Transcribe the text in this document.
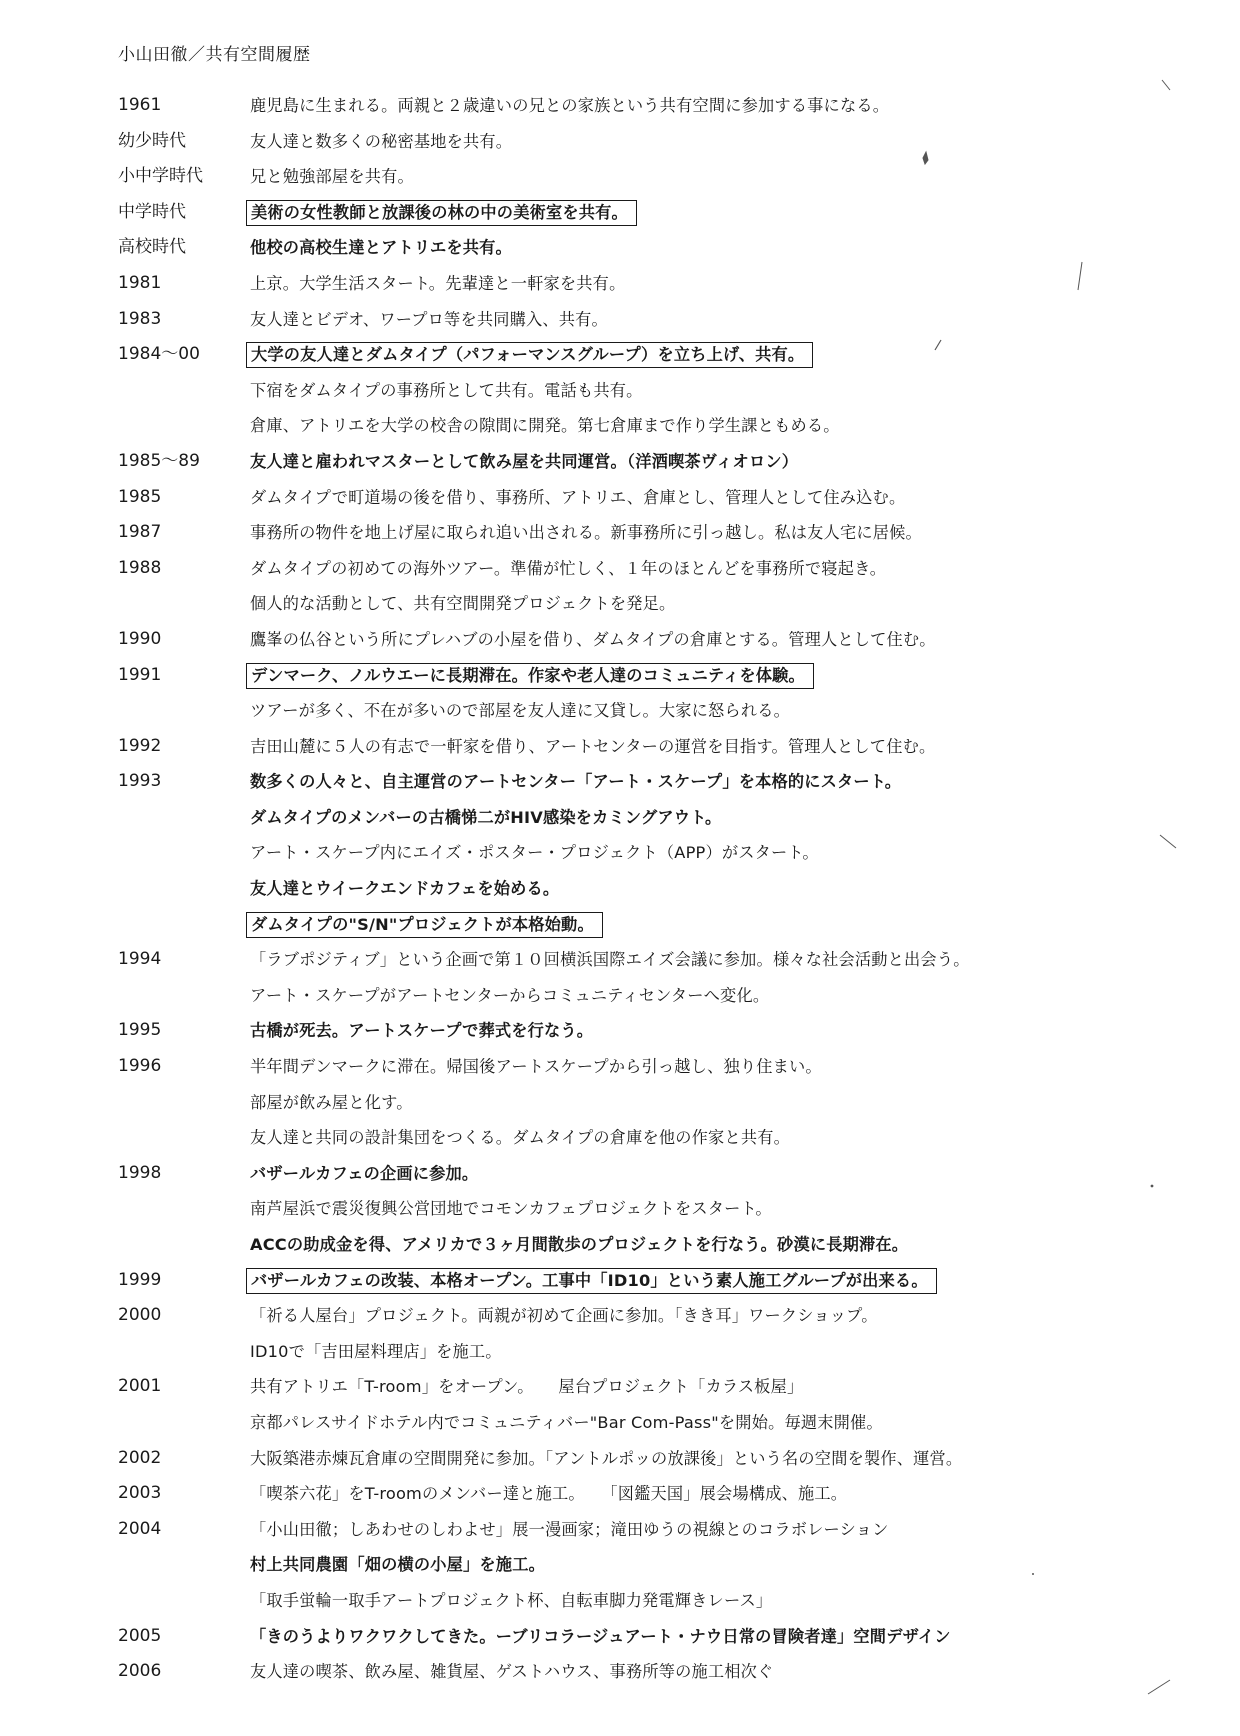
小山田徹／共有空間履歴
1961	鹿児島に生まれる。両親と２歳違いの兄との家族という共有空間に参加する事になる。
幼少時代	友人達と数多くの秘密基地を共有。
小中学時代	兄と勉強部屋を共有。
中学時代	美術の女性教師と放課後の林の中の美術室を共有。
高校時代	他校の高校生達とアトリエを共有。
1981	上京。大学生活スタート。先輩達と一軒家を共有。
1983	友人達とビデオ、ワープロ等を共同購入、共有。
1984〜00	大学の友人達とダムタイプ（パフォーマンスグループ）を立ち上げ、共有。
下宿をダムタイプの事務所として共有。電話も共有。
倉庫、アトリエを大学の校舎の隙間に開発。第七倉庫まで作り学生課ともめる。
1985〜89	友人達と雇われマスターとして飲み屋を共同運営。（洋酒喫茶ヴィオロン）
1985	ダムタイプで町道場の後を借り、事務所、アトリエ、倉庫とし、管理人として住み込む。
1987	事務所の物件を地上げ屋に取られ追い出される。新事務所に引っ越し。私は友人宅に居候。
1988	ダムタイプの初めての海外ツアー。準備が忙しく、１年のほとんどを事務所で寝起き。
個人的な活動として、共有空間開発プロジェクトを発足。
1990	鷹峯の仏谷という所にプレハブの小屋を借り、ダムタイプの倉庫とする。管理人として住む。
1991	デンマーク、ノルウエーに長期滞在。作家や老人達のコミュニティを体験。
ツアーが多く、不在が多いので部屋を友人達に又貸し。大家に怒られる。
1992	吉田山麓に５人の有志で一軒家を借り、アートセンターの運営を目指す。管理人として住む。
1993	数多くの人々と、自主運営のアートセンター「アート・スケープ」を本格的にスタート。
ダムタイプのメンバーの古橋悌二がHIV感染をカミングアウト。
アート・スケープ内にエイズ・ポスター・プロジェクト（APP）がスタート。
友人達とウイークエンドカフェを始める。
ダムタイプの"S/N"プロジェクトが本格始動。
1994	「ラブポジティブ」という企画で第１０回横浜国際エイズ会議に参加。様々な社会活動と出会う。
アート・スケープがアートセンターからコミュニティセンターへ変化。
1995	古橋が死去。アートスケープで葬式を行なう。
1996	半年間デンマークに滞在。帰国後アートスケープから引っ越し、独り住まい。
部屋が飲み屋と化す。
友人達と共同の設計集団をつくる。ダムタイプの倉庫を他の作家と共有。
1998	バザールカフェの企画に参加。
南芦屋浜で震災復興公営団地でコモンカフェプロジェクトをスタート。
ACCの助成金を得、アメリカで３ヶ月間散歩のプロジェクトを行なう。砂漠に長期滞在。
1999	バザールカフェの改装、本格オープン。工事中「ID10」という素人施工グループが出来る。
2000	「祈る人屋台」プロジェクト。両親が初めて企画に参加。「きき耳」ワークショップ。
ID10で「吉田屋料理店」を施工。
2001	共有アトリエ「T-room」をオープン。　　屋台プロジェクト「カラス板屋」
京都パレスサイドホテル内でコミュニティバー"Bar Com-Pass"を開始。毎週末開催。
2002	大阪築港赤煉瓦倉庫の空間開発に参加。「アントルポッの放課後」という名の空間を製作、運営。
2003	「喫茶六花」をT-roomのメンバー達と施工。　　「図鑑天国」展会場構成、施工。
2004	「小山田徹；しあわせのしわよせ」展一漫画家；滝田ゆうの視線とのコラボレーション
村上共同農園「畑の横の小屋」を施工。
「取手蛍輪一取手アートプロジェクト杯、自転車脚力発電輝きレース」
2005	「きのうよりワクワクしてきた。ーブリコラージュアート・ナウ日常の冒険者達」空間デザイン
2006	友人達の喫茶、飲み屋、雑貨屋、ゲストハウス、事務所等の施工相次ぐ
